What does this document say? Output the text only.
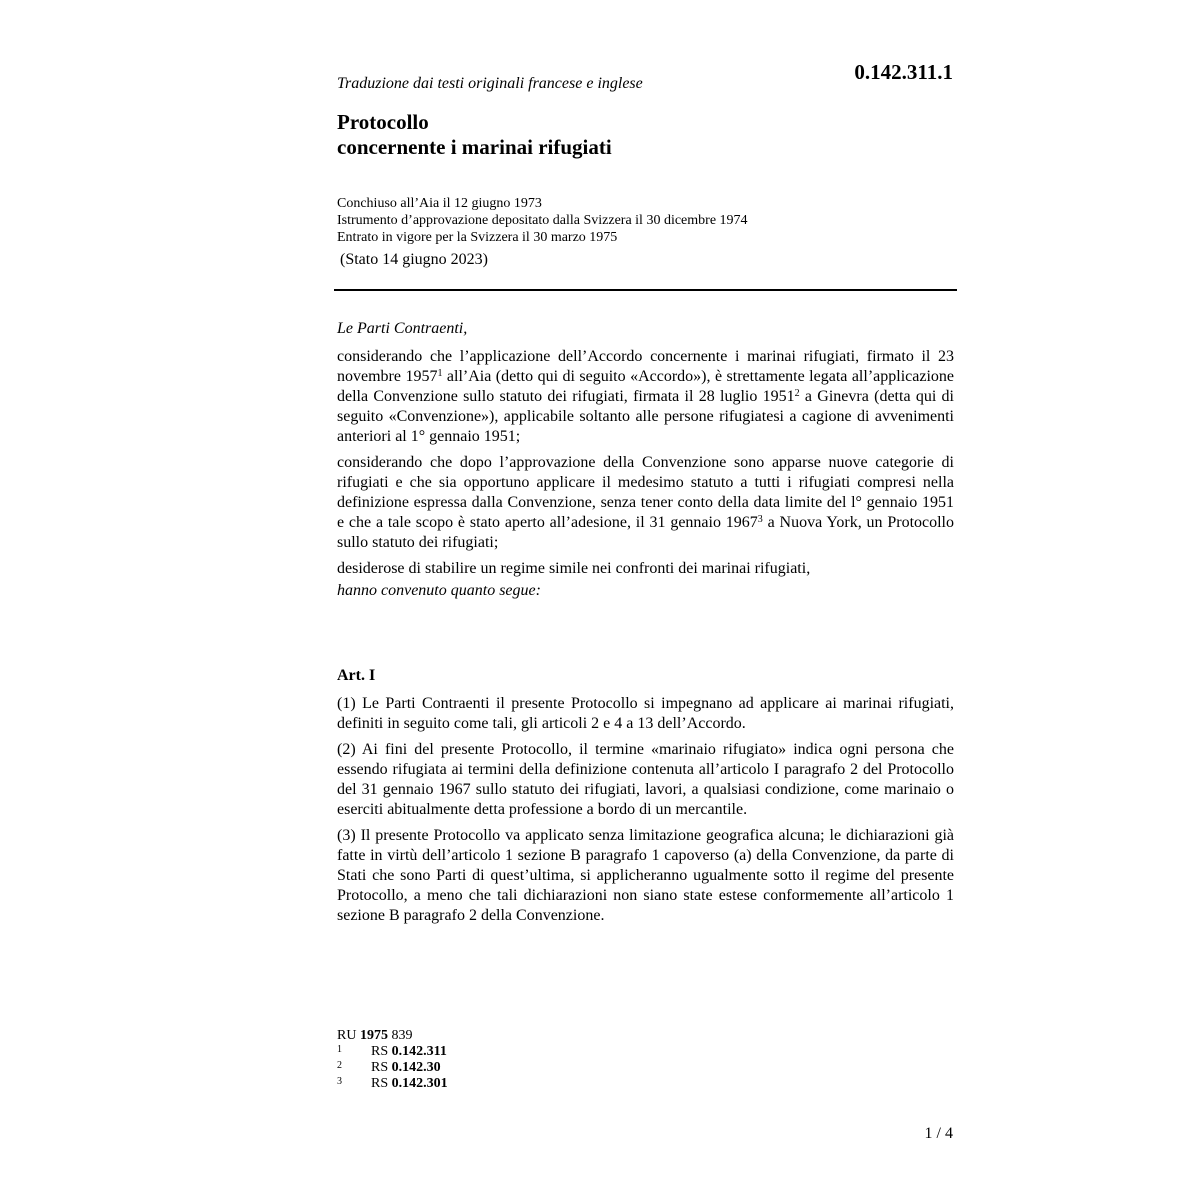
Traduzione dai testi originali francese e inglese	0.142.311.1
Protocollo
concernente i marinai rifugiati
Conchiuso all’Aia il 12 giugno 1973
Istrumento d’approvazione depositato dalla Svizzera il 30 dicembre 1974
Entrato in vigore per la Svizzera il 30 marzo 1975
(Stato 14 giugno 2023)

Le Parti Contraenti,

considerando che l’applicazione dell’Accordo concernente i marinai rifugiati, firmato il 23 novembre 1957$^1$ all’Aia (detto qui di seguito «Accordo»), è strettamente legata all’applicazione della Convenzione sullo statuto dei rifugiati, firmata il 28 luglio 1951$^2$ a Ginevra (detta qui di seguito «Convenzione»), applicabile soltanto alle persone rifugiatesi a cagione di avvenimenti anteriori al 1° gennaio 1951;

considerando che dopo l’approvazione della Convenzione sono apparse nuove categorie di rifugiati e che sia opportuno applicare il medesimo statuto a tutti i rifugiati compresi nella definizione espressa dalla Convenzione, senza tener conto della data limite del l° gennaio 1951 e che a tale scopo è stato aperto all’adesione, il 31 gennaio 1967$^3$ a Nuova York, un Protocollo sullo statuto dei rifugiati;

desiderose di stabilire un regime simile nei confronti dei marinai rifugiati,

hanno convenuto quanto segue:

Art. I

(1) Le Parti Contraenti il presente Protocollo si impegnano ad applicare ai marinai rifugiati, definiti in seguito come tali, gli articoli 2 e 4 a 13 dell’Accordo.

(2) Ai fini del presente Protocollo, il termine «marinaio rifugiato» indica ogni persona che essendo rifugiata ai termini della definizione contenuta all’articolo I paragrafo 2 del Protocollo del 31 gennaio 1967 sullo statuto dei rifugiati, lavori, a qualsiasi condizione, come marinaio o eserciti abitualmente detta professione a bordo di un mercantile.

(3) Il presente Protocollo va applicato senza limitazione geografica alcuna; le dichiarazioni già fatte in virtù dell’articolo 1 sezione B paragrafo 1 capoverso (a) della Convenzione, da parte di Stati che sono Parti di quest’ultima, si applicheranno ugualmente sotto il regime del presente Protocollo, a meno che tali dichiarazioni non siano state estese conformemente all’articolo 1 sezione B paragrafo 2 della Convenzione.

RU 1975 839
1	RS 0.142.311
2	RS 0.142.30
3	RS 0.142.301
1 / 4
